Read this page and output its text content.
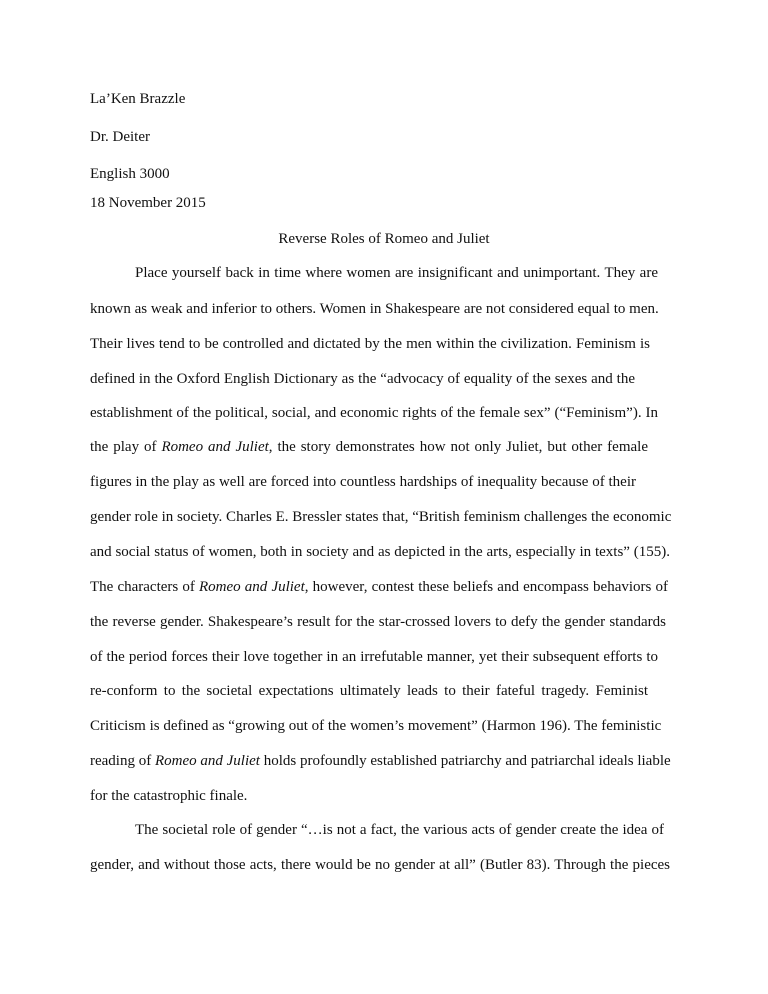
La’Ken Brazzle
Dr. Deiter
English 3000
18 November 2015
Reverse Roles of Romeo and Juliet
Place yourself back in time where women are insignificant and unimportant. They are
known as weak and inferior to others. Women in Shakespeare are not considered equal to men.
Their lives tend to be controlled and dictated by the men within the civilization. Feminism is
defined in the Oxford English Dictionary as the “advocacy of equality of the sexes and the
establishment of the political, social, and economic rights of the female sex” (“Feminism”). In
the play of Romeo and Juliet, the story demonstrates how not only Juliet, but other female
figures in the play as well are forced into countless hardships of inequality because of their
gender role in society. Charles E. Bressler states that, “British feminism challenges the economic
and social status of women, both in society and as depicted in the arts, especially in texts” (155).
The characters of Romeo and Juliet, however, contest these beliefs and encompass behaviors of
the reverse gender. Shakespeare’s result for the star-crossed lovers to defy the gender standards
of the period forces their love together in an irrefutable manner, yet their subsequent efforts to
re-conform to the societal expectations ultimately leads to their fateful tragedy. Feminist
Criticism is defined as “growing out of the women’s movement” (Harmon 196). The feministic
reading of Romeo and Juliet holds profoundly established patriarchy and patriarchal ideals liable
for the catastrophic finale.
The societal role of gender “…is not a fact, the various acts of gender create the idea of
gender, and without those acts, there would be no gender at all” (Butler 83). Through the pieces
